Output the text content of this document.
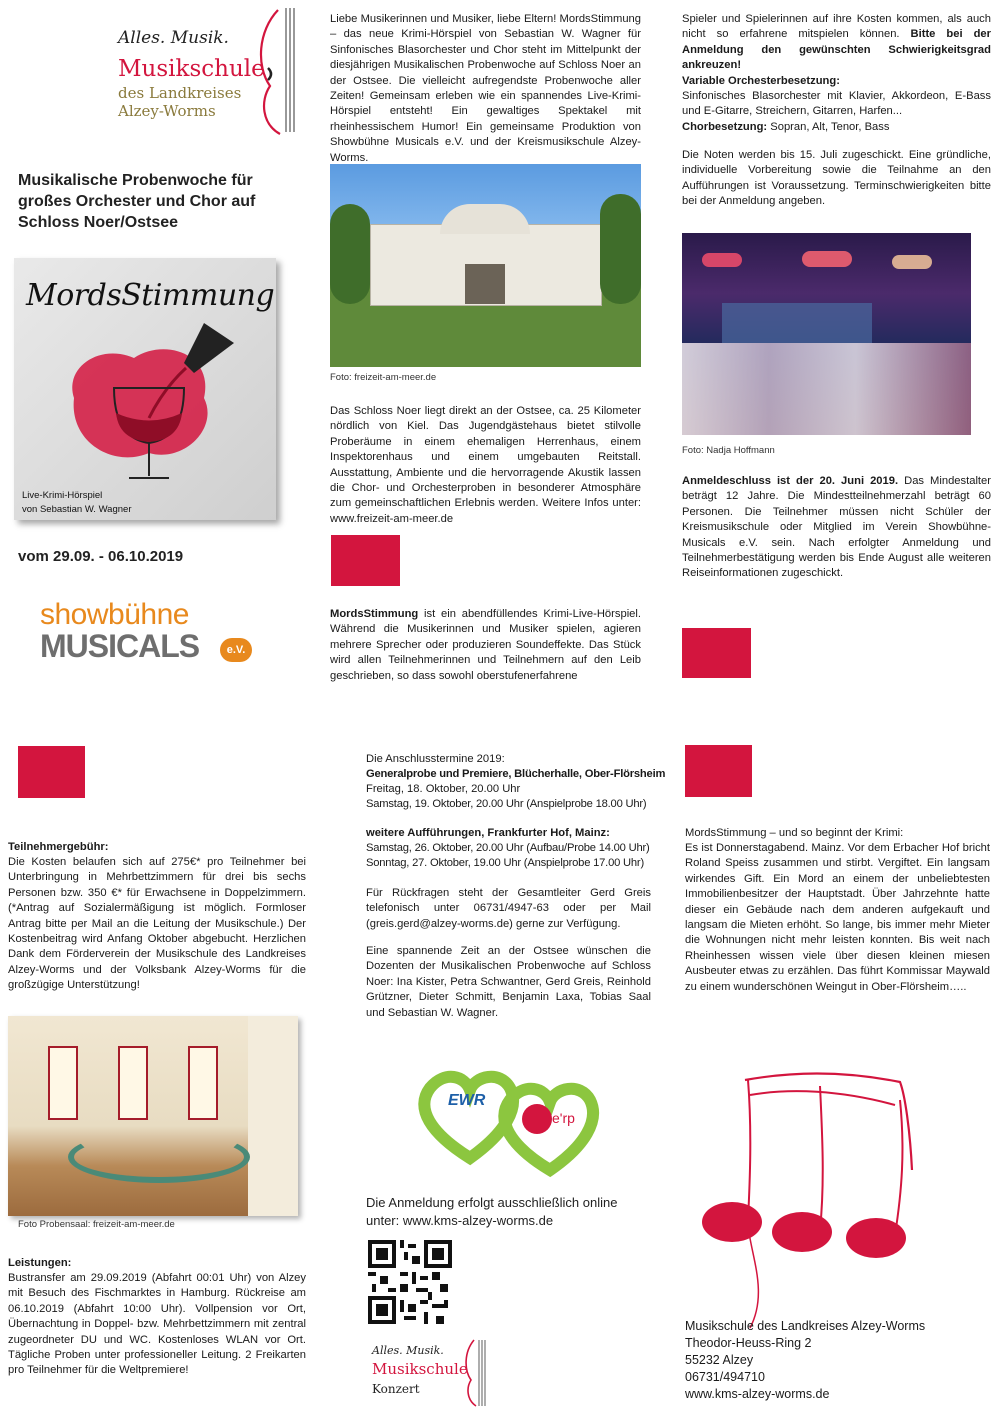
Alles. Musik.
Musikschule
des Landkreises
Alzey-Worms
Musikalische Probenwoche für großes Orchester und Chor auf Schloss Noer/Ostsee
MordsStimmung
Live-Krimi-Hörspiel
von Sebastian W. Wagner
vom 29.09. - 06.10.2019
showbühne
MUSICALS	e.V.
Liebe Musikerinnen und Musiker, liebe Eltern! MordsStimmung – das neue Krimi-Hörspiel von Sebastian W. Wagner für Sinfonisches Blasorchester und Chor steht im Mittelpunkt der diesjährigen Musikalischen Probenwoche auf Schloss Noer an der Ostsee. Die vielleicht aufregendste Probenwoche aller Zeiten! Gemeinsam erleben wie ein spannendes Live-Krimi-Hörspiel entsteht! Ein gewaltiges Spektakel mit rheinhessischem Humor! Ein gemeinsame Produktion von Showbühne Musicals e.V. und der Kreismusikschule Alzey-Worms.
Foto: freizeit-am-meer.de
Das Schloss Noer liegt direkt an der Ostsee, ca. 25 Kilometer nördlich von Kiel. Das Jugendgästehaus bietet stilvolle Proberäume in einem ehemaligen Herrenhaus, einem Inspektorenhaus und einem umgebauten Reitstall. Ausstattung, Ambiente und die hervorragende Akustik lassen die Chor- und Orchesterproben in besonderer Atmosphäre zum gemeinschaftlichen Erlebnis werden. Weitere Infos unter: www.freizeit-am-meer.de
MordsStimmung ist ein abendfüllendes Krimi-Live-Hörspiel. Während die Musikerinnen und Musiker spielen, agieren mehrere Sprecher oder produzieren Soundeffekte. Das Stück wird allen Teilnehmerinnen und Teilnehmern auf den Leib geschrieben, so dass sowohl oberstufenerfahrene
Spieler und Spielerinnen auf ihre Kosten kommen, als auch nicht so erfahrene mitspielen können. Bitte bei der Anmeldung den gewünschten Schwierigkeitsgrad ankreuzen!
Variable Orchesterbesetzung:
Sinfonisches Blasorchester mit Klavier, Akkordeon, E-Bass und E-Gitarre, Streichern, Gitarren, Harfen...
Chorbesetzung: Sopran, Alt, Tenor, Bass
Die Noten werden bis 15. Juli zugeschickt. Eine gründliche, individuelle Vorbereitung sowie die Teilnahme an den Aufführungen ist Voraussetzung. Terminschwierigkeiten bitte bei der Anmeldung angeben.
Foto: Nadja Hoffmann
Anmeldeschluss ist der 20. Juni 2019. Das Mindestalter beträgt 12 Jahre. Die Mindestteilnehmerzahl beträgt 60 Personen. Die Teilnehmer müssen nicht Schüler der Kreismusikschule oder Mitglied im Verein Showbühne-Musicals e.V. sein. Nach erfolgter Anmeldung und Teilnehmerbestätigung werden bis Ende August alle weiteren Reiseinformationen zugeschickt.
Teilnehmergebühr:
Die Kosten belaufen sich auf 275€* pro Teilnehmer bei Unterbringung in Mehrbettzimmern für drei bis sechs Personen bzw. 350 €* für Erwachsene in Doppelzimmern. (*Antrag auf Sozialermäßigung ist möglich. Formloser Antrag bitte per Mail an die Leitung der Musikschule.) Der Kostenbeitrag wird Anfang Oktober abgebucht. Herzlichen Dank dem Förderverein der Musikschule des Landkreises Alzey-Worms und der Volksbank Alzey-Worms für die großzügige Unterstützung!
Foto Probensaal: freizeit-am-meer.de
Leistungen:
Bustransfer am 29.09.2019 (Abfahrt 00:01 Uhr) von Alzey mit Besuch des Fischmarktes in Hamburg. Rückreise am 06.10.2019 (Abfahrt 10:00 Uhr). Vollpension vor Ort, Übernachtung in Doppel- bzw. Mehrbettzimmern mit zentral zugeordneter DU und WC. Kostenloses WLAN vor Ort. Tägliche Proben unter professioneller Leitung. 2 Freikarten pro Teilnehmer für die Weltpremiere!
Die Anschlusstermine 2019:
Generalprobe und Premiere, Blücherhalle, Ober-Flörsheim
Freitag, 18. Oktober, 20.00 Uhr
Samstag, 19. Oktober, 20.00 Uhr (Anspielprobe 18.00 Uhr)
weitere Aufführungen, Frankfurter Hof, Mainz:
Samstag, 26. Oktober, 20.00 Uhr (Aufbau/Probe 14.00 Uhr)
Sonntag, 27. Oktober, 19.00 Uhr (Anspielprobe 17.00 Uhr)
Für Rückfragen steht der Gesamtleiter Gerd Greis telefonisch unter 06731/4947-63 oder per Mail (greis.gerd@alzey-worms.de) gerne zur Verfügung.
Eine spannende Zeit an der Ostsee wünschen die Dozenten der Musikalischen Probenwoche auf Schloss Noer: Ina Kister, Petra Schwantner, Gerd Greis, Reinhold Grützner, Dieter Schmitt, Benjamin Laxa, Tobias Saal und Sebastian W. Wagner.
EWR
e'rp
Die Anmeldung erfolgt ausschließlich online
unter: www.kms-alzey-worms.de
Alles. Musik.
Musikschule
Konzert
MordsStimmung – und so beginnt der Krimi:
Es ist Donnerstagabend. Mainz. Vor dem Erbacher Hof bricht Roland Speiss zusammen und stirbt. Vergiftet. Ein langsam wirkendes Gift. Ein Mord an einem der unbeliebtesten Immobilienbesitzer der Hauptstadt. Über Jahrzehnte hatte dieser ein Gebäude nach dem anderen aufgekauft und langsam die Mieten erhöht. So lange, bis immer mehr Mieter die Wohnungen nicht mehr leisten konnten. Bis weit nach Rheinhessen wissen viele über diesen kleinen miesen Ausbeuter etwas zu erzählen. Das führt Kommissar Maywald zu einem wunderschönen Weingut in Ober-Flörsheim…..
Musikschule des Landkreises Alzey-Worms
Theodor-Heuss-Ring 2
55232 Alzey
06731/494710
www.kms-alzey-worms.de
